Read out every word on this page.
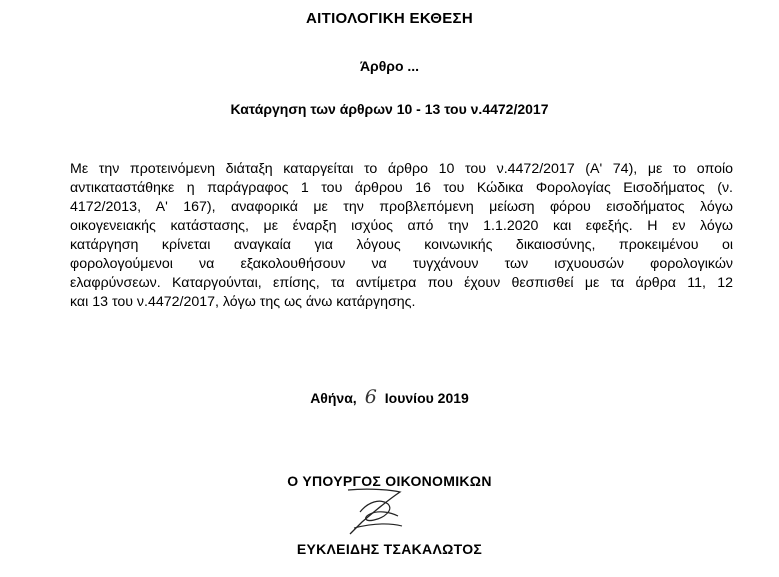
ΑΙΤΙΟΛΟΓΙΚΗ ΕΚΘΕΣΗ
Άρθρο ...
Κατάργηση των άρθρων 10 - 13 του ν.4472/2017
Με την προτεινόμενη διάταξη καταργείται το άρθρο 10 του ν.4472/2017 (Α' 74), με το οποίο
αντικαταστάθηκε η παράγραφος 1 του άρθρου 16 του Κώδικα Φορολογίας Εισοδήματος (ν.
4172/2013, Α' 167), αναφορικά με την προβλεπόμενη μείωση φόρου εισοδήματος λόγω
οικογενειακής κατάστασης, με έναρξη ισχύος από την 1.1.2020 και εφεξής. Η εν λόγω
κατάργηση κρίνεται αναγκαία για λόγους κοινωνικής δικαιοσύνης, προκειμένου οι
φορολογούμενοι να εξακολουθήσουν να τυγχάνουν των ισχυουσών φορολογικών
ελαφρύνσεων. Καταργούνται, επίσης, τα αντίμετρα που έχουν θεσπισθεί με τα άρθρα 11, 12
και 13 του ν.4472/2017, λόγω της ως άνω κατάργησης.
Αθήνα, 6 Ιουνίου 2019
Ο ΥΠΟΥΡΓΟΣ ΟΙΚΟΝΟΜΙΚΩΝ
ΕΥΚΛΕΙΔΗΣ ΤΣΑΚΑΛΩΤΟΣ
